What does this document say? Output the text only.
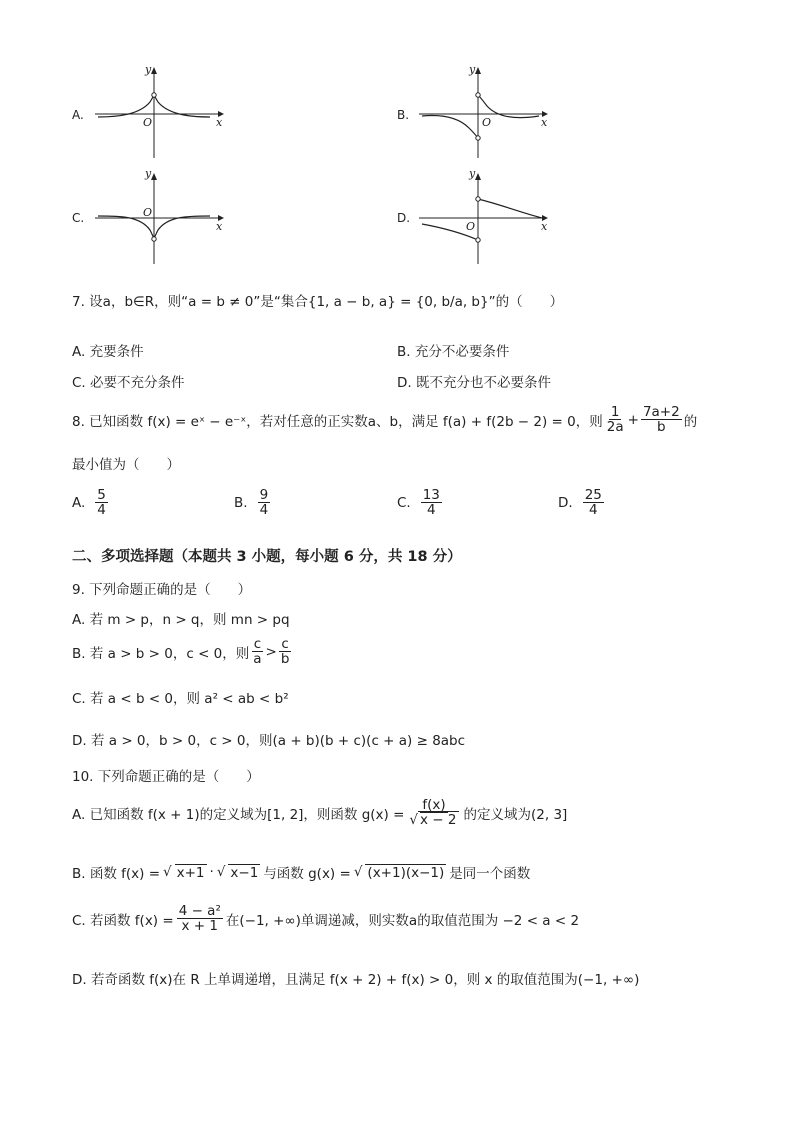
A.
y
x
O
B.
y
x
O
C.
y
x
O	D.
y
x
O
7. 设a，b∈R，则“a = b ≠ 0”是“集合{1, a − b, a} = {0, b/a, b}”的（　　）
A. 充要条件	B. 充分不必要条件
C. 必要不充分条件	D. 既不充分也不必要条件
8. 已知函数 f(x) = eˣ − e⁻ˣ，若对任意的正实数a、b，满足 f(a) + f(2b − 2) = 0，则 $\frac{1}{2a} + \frac{7a+2}{b}$ 的
最小值为（　　）
A. $\frac{5}{4}$	B. $\frac{9}{4}$	C. $\frac{13}{4}$	D. $\frac{25}{4}$
二、多项选择题（本题共 3 小题，每小题 6 分，共 18 分）
9. 下列命题正确的是（　　）
A. 若 m > p，n > q，则 mn > pq
B. 若 a > b > 0，c < 0，则 $\frac{c}{a} > \frac{c}{b}$
C. 若 a < b < 0，则 a² < ab < b²
D. 若 a > 0，b > 0，c > 0，则(a + b)(b + c)(c + a) ≥ 8abc
10. 下列命题正确的是（　　）
A. 已知函数 f(x + 1)的定义域为[1, 2]，则函数 $g(x) = \frac{f(x)}{√ x - 2}$ 的定义域为(2, 3]
B. 函数 f(x) = √ x+1 · √ x−1 与函数 g(x) = √ (x+1)(x−1) 是同一个函数
C. 若函数 $f(x) = \frac{\text{4 − a²}}{x + 1}$ 在(−1, +∞)单调递减，则实数a的取值范围为 −2 < a < 2
D. 若奇函数 f(x)在 R 上单调递增，且满足 f(x + 2) + f(x) > 0，则 x 的取值范围为(−1, +∞)
